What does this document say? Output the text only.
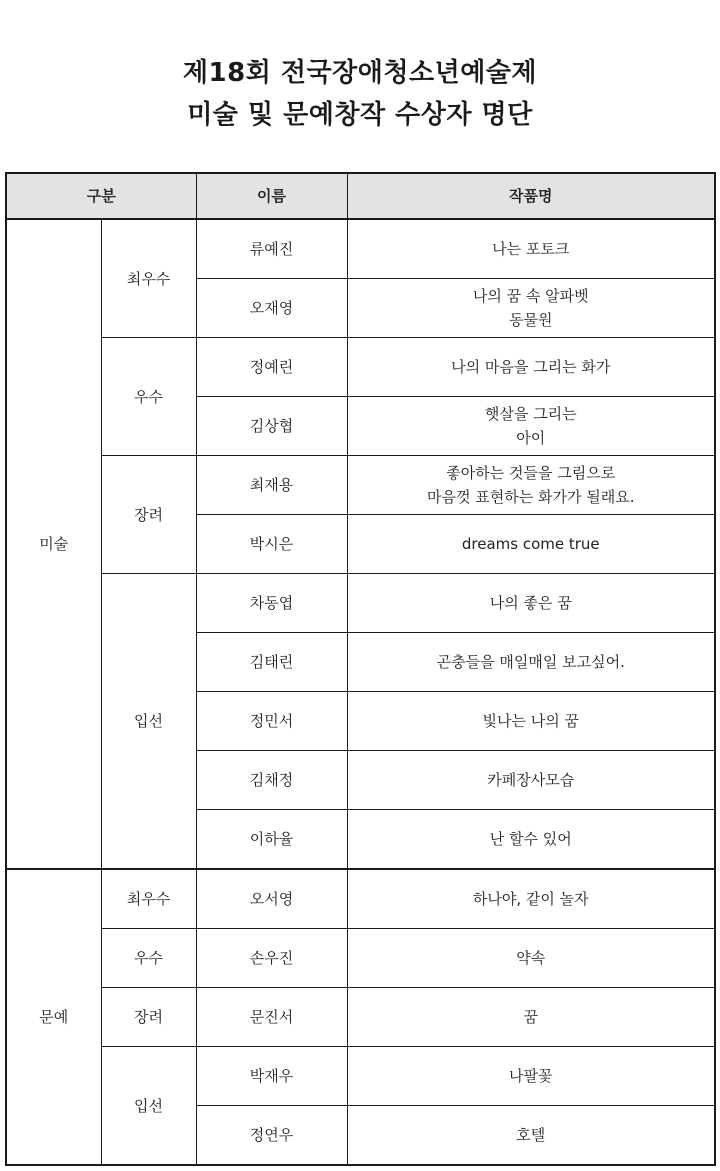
제18회 전국장애청소년예술제
미술 및 문예창작 수상자 명단
구분		이름	작품명
미술	최우수	류예진	나는 포토크
		오재영	나의 꿈 속 알파벳
동물원

	우수	정예린	나의 마음을 그리는 화가
		김상협	햇살을 그리는
아이

	장려	최재용	좋아하는 것들을 그림으로
마음껏 표현하는 화가가 될래요.

		박시은	dreams come true
	입선	차동엽	나의 좋은 꿈
		김태린	곤충들을 매일매일 보고싶어.
		정민서	빛나는 나의 꿈
		김채정	카페장사모습
		이하율	난 할수 있어
문예	최우수	오서영	하나야, 같이 놀자
	우수	손우진	약속
	장려	문진서	꿈
	입선	박재우	나팔꽃
		정연우	호텔
